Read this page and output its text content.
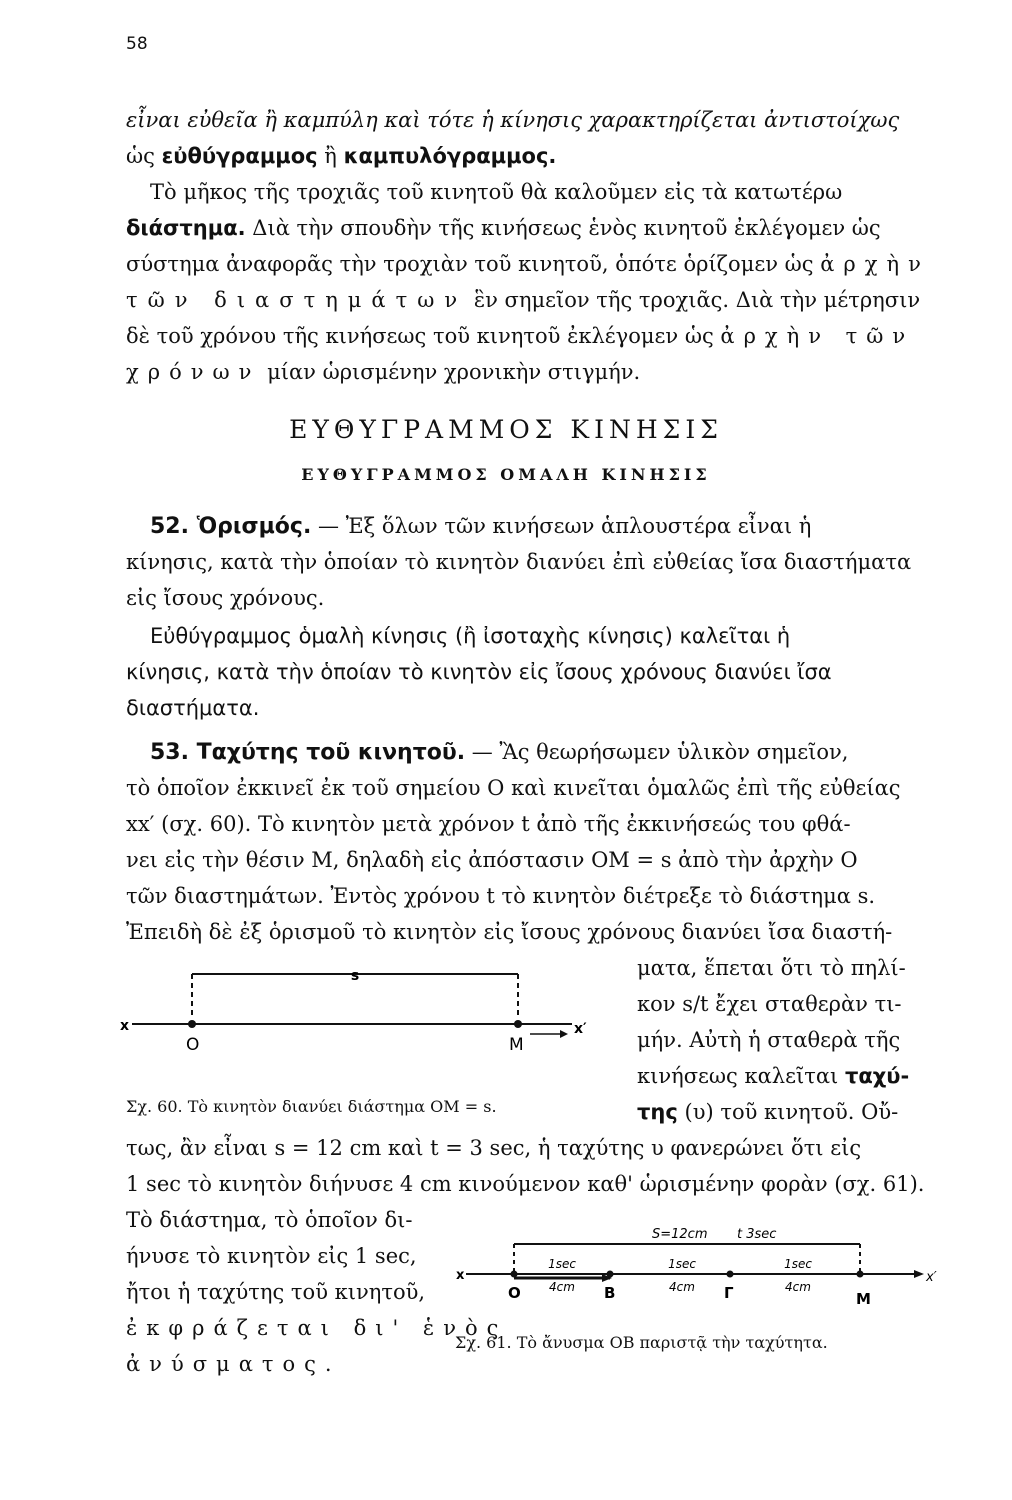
58
εἶναι εὐθεῖα ἢ καμπύλη καὶ τότε ἡ κίνησις χαρακτηρίζεται ἀντιστοίχως
ὡς εὐθύγραμμος ἢ καμπυλόγραμμος.
Τὸ μῆκος τῆς τροχιᾶς τοῦ κινητοῦ θὰ καλοῦμεν εἰς τὰ κατωτέρω
διάστημα. Διὰ τὴν σπουδὴν τῆς κινήσεως ἑνὸς κινητοῦ ἐκλέγομεν ὡς
σύστημα ἀναφορᾶς τὴν τροχιὰν τοῦ κινητοῦ, ὁπότε ὁρίζομεν ὡς ἀρχὴν
τῶν διαστημάτων ἓν σημεῖον τῆς τροχιᾶς. Διὰ τὴν μέτρησιν
δὲ τοῦ χρόνου τῆς κινήσεως τοῦ κινητοῦ ἐκλέγομεν ὡς ἀρχὴν τῶν
χρόνων μίαν ὡρισμένην χρονικὴν στιγμήν.
ΕΥΘΥΓΡΑΜΜΟΣ ΚΙΝΗΣΙΣ
ΕΥΘΥΓΡΑΜΜΟΣ ΟΜΑΛΗ ΚΙΝΗΣΙΣ
52. Ὁρισμός. — Ἐξ ὅλων τῶν κινήσεων ἁπλουστέρα εἶναι ἡ
κίνησις, κατὰ τὴν ὁποίαν τὸ κινητὸν διανύει ἐπὶ εὐθείας ἴσα διαστήματα
εἰς ἴσους χρόνους.
Εὐθύγραμμος ὁμαλὴ κίνησις (ἢ ἰσοταχὴς κίνησις) καλεῖται ἡ
κίνησις, κατὰ τὴν ὁποίαν τὸ κινητὸν εἰς ἴσους χρόνους διανύει ἴσα
διαστήματα.
53. Ταχύτης τοῦ κινητοῦ. — Ἂς θεωρήσωμεν ὑλικὸν σημεῖον,
τὸ ὁποῖον ἐκκινεῖ ἐκ τοῦ σημείου Ο καὶ κινεῖται ὁμαλῶς ἐπὶ τῆς εὐθείας
xx′ (σχ. 60). Τὸ κινητὸν μετὰ χρόνον t ἀπὸ τῆς ἐκκινήσεώς του φθά-
νει εἰς τὴν θέσιν Μ, δηλαδὴ εἰς ἀπόστασιν ΟΜ = s ἀπὸ τὴν ἀρχὴν Ο
τῶν διαστημάτων. Ἐντὸς χρόνου t τὸ κινητὸν διέτρεξε τὸ διάστημα s.
Ἐπειδὴ δὲ ἐξ ὁρισμοῦ τὸ κινητὸν εἰς ἴσους χρόνους διανύει ἴσα διαστή-
ματα, ἕπεται ὅτι τὸ πηλί-
κον s/t ἔχει σταθερὰν τι-
μήν. Αὐτὴ ἡ σταθερὰ τῆς
κινήσεως καλεῖται ταχύ-
της (υ) τοῦ κινητοῦ. Οὔ-
s
x	x′
O	M
Σχ. 60. Τὸ κινητὸν διανύει διάστημα ΟΜ = s.
τως, ἂν εἶναι s = 12 cm καὶ t = 3 sec, ἡ ταχύτης υ φανερώνει ὅτι εἰς
1 sec τὸ κινητὸν διήνυσε 4 cm κινούμενον καθ' ὡρισμένην φορὰν (σχ. 61).
Τὸ διάστημα, τὸ ὁποῖον δι-
ήνυσε τὸ κινητὸν εἰς 1 sec,
ἤτοι ἡ ταχύτης τοῦ κινητοῦ,
ἐκφράζεται δι' ἑνὸς
ἀνύσματος.
S=12cm t 3sec
1sec	1sec	1sec
4cm	4cm	4cm
x	x′
O	B	Γ	M
Σχ. 61. Τὸ ἄνυσμα ΟΒ παριστᾷ τὴν ταχύτητα.
